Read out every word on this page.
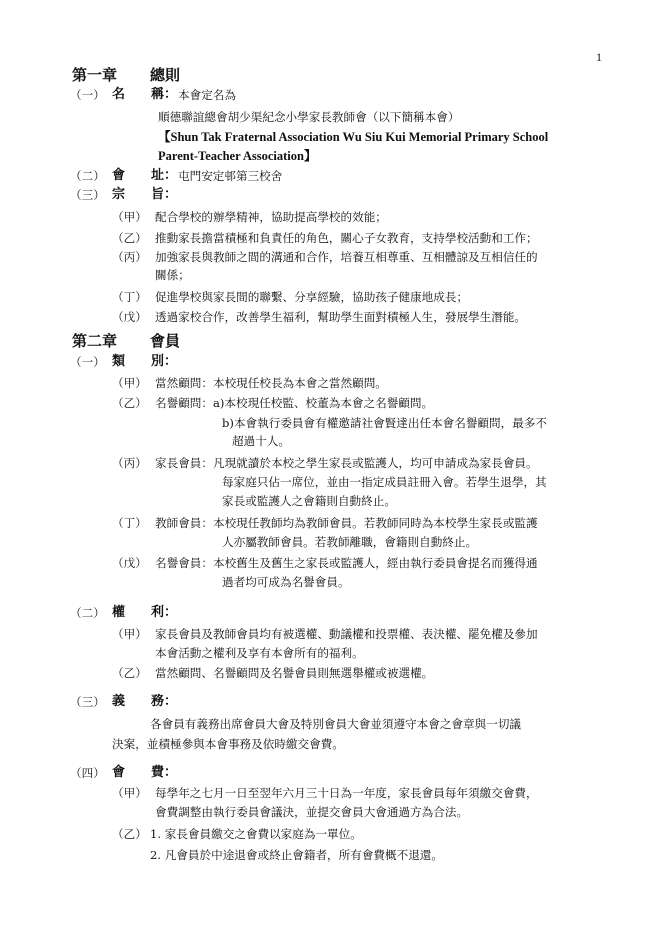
1
第一章 總則
（一） 名　　稱： 本會定名為
順德聯誼總會胡少渠紀念小學家長教師會（以下簡稱本會）
【Shun Tak Fraternal Association Wu Siu Kui Memorial Primary School
Parent-Teacher Association】
（二） 會　　址： 屯門安定邨第三校舍
（三） 宗　　旨：
（甲） 配合學校的辦學精神，協助提高學校的效能；
（乙） 推動家長擔當積極和負責任的角色，關心子女教育，支持學校活動和工作；
（丙） 加強家長與教師之間的溝通和合作，培養互相尊重、互相體諒及互相信任的
關係；
（丁） 促進學校與家長間的聯繫、分享經驗，協助孩子健康地成長；
（戊） 透過家校合作，改善學生福利，幫助學生面對積極人生，發展學生潛能。
第二章 會員
（一） 類　　別：
（甲） 當然顧問：本校現任校長為本會之當然顧問。
（乙） 名譽顧問：a)本校現任校監、校董為本會之名譽顧問。
b)本會執行委員會有權邀請社會賢達出任本會名譽顧問，最多不
超過十人。
（丙） 家長會員：凡現就讀於本校之學生家長或監護人，均可申請成為家長會員。
每家庭只佔一席位，並由一指定成員註冊入會。若學生退學，其
家長或監護人之會籍則自動終止。
（丁） 教師會員：本校現任教師均為教師會員。若教師同時為本校學生家長或監護
人亦屬教師會員。若教師離職，會籍則自動終止。
（戊） 名譽會員：本校舊生及舊生之家長或監護人，經由執行委員會提名而獲得通
過者均可成為名譽會員。
（二） 權　　利：
（甲） 家長會員及教師會員均有被選權、動議權和投票權、表決權、罷免權及參加
本會活動之權利及享有本會所有的福利。
（乙） 當然顧問、名譽顧問及名譽會員則無選舉權或被選權。
（三） 義　　務：
各會員有義務出席會員大會及特別會員大會並須遵守本會之會章與一切議
決案，並積極參與本會事務及依時繳交會費。
（四） 會　　費：
（甲） 每學年之七月一日至翌年六月三十日為一年度，家長會員每年須繳交會費，
會費調整由執行委員會議決，並提交會員大會通過方為合法。
（乙） 1. 家長會員繳交之會費以家庭為一單位。
2. 凡會員於中途退會或終止會籍者，所有會費概不退還。
